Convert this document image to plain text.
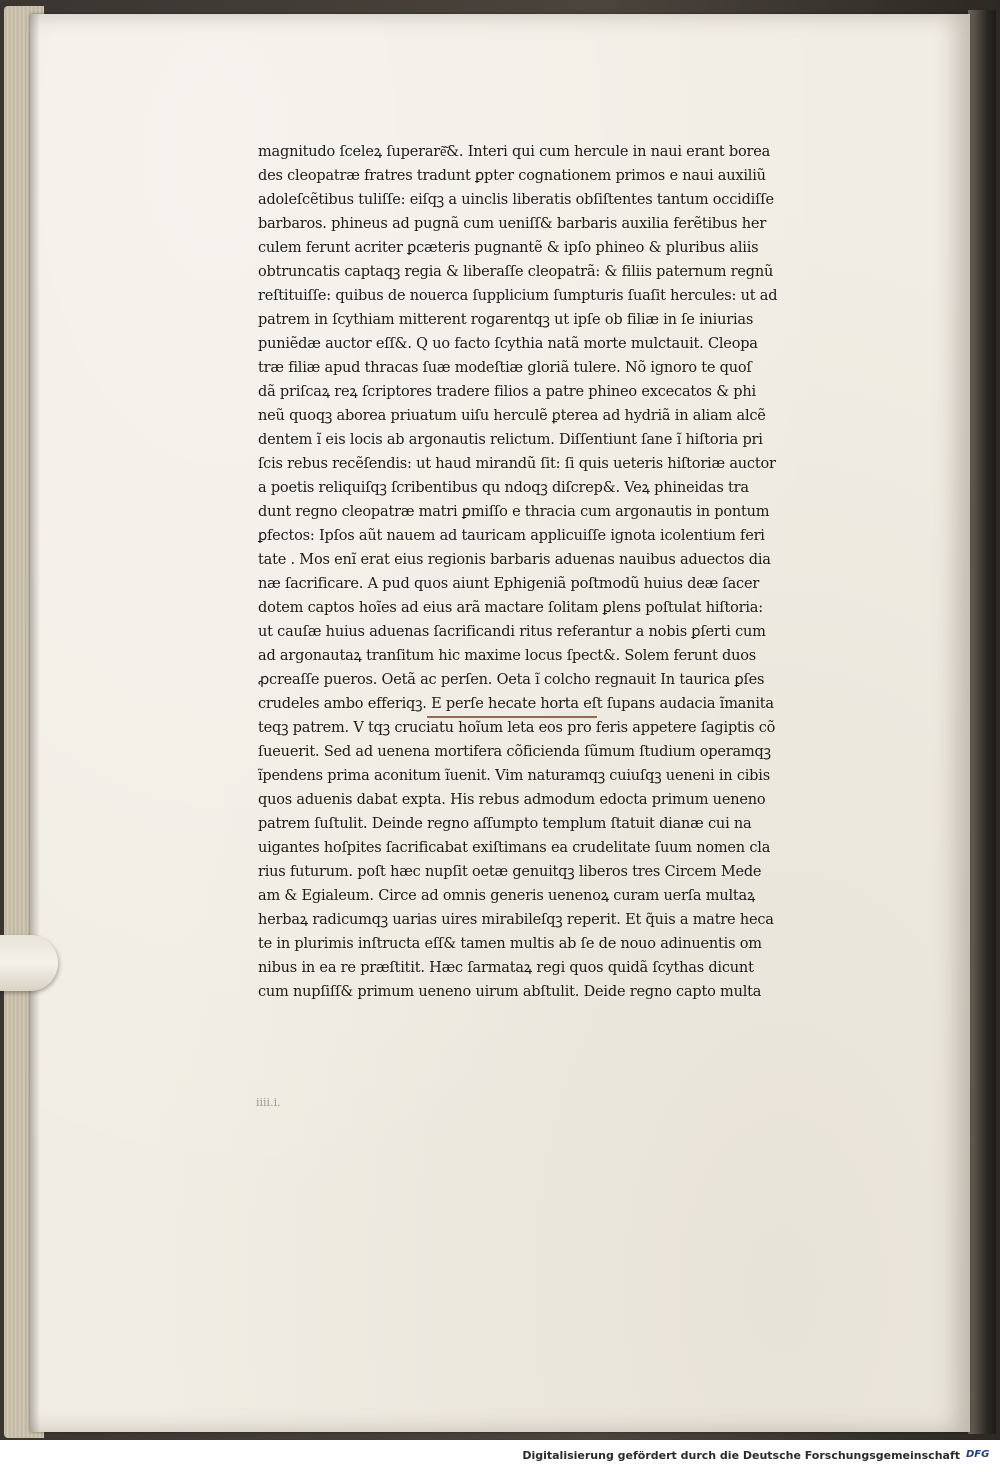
magnitudo ſceleꝝ ſuperarẽ͂&. Interi qui cum hercule in naui erant borea
des cleopatræ fratres tradunt ꝑpter cognationem primos e naui auxiliũ
adoleſcẽtibus tuliſſe: eiſqꝫ a uinclis liberatis obſiſtentes tantum occidiſſe
barbaros. phineus ad pugnã cum ueniſſ& barbaris auxilia ferẽtibus her
culem ferunt acriter ꝑcæteris pugnantẽ & ipſo phineo & pluribus aliis
obtruncatis captaqꝫ regia & liberaſſe cleopatrã: & filiis paternum regnũ
reſtituiſſe: quibus de nouerca ſupplicium ſumpturis ſuaſit hercules: ut ad
patrem in ſcythiam mitterent rogarentqꝫ ut ipſe ob filiæ in ſe iniurias
puniẽdæ auctor eſſ&. Q uo facto ſcythia natã morte mulctauit. Cleopa
træ filiæ apud thracas ſuæ modeſtiæ gloriã tulere. Nõ ignoro te quoſ
dã priſcaꝝ reꝝ ſcriptores tradere filios a patre phineo excecatos & phi
neũ quoqꝫ aborea priuatum uiſu herculẽ ꝑterea ad hydriã in aliam alcẽ
dentem ĩ eis locis ab argonautis relictum. Diſſentiunt ſane ĩ hiſtoria pri
ſcis rebus recẽſendis: ut haud mirandũ ſit: ſi quis ueteris hiſtoriæ auctor
a poetis reliquiſqꝫ ſcribentibus qu ndoqꝫ diſcrep&. Veꝝ phineidas tra
dunt regno cleopatræ matri ꝑmiſſo e thracia cum argonautis in pontum
ꝑfectos: Ipſos aũt nauem ad tauricam applicuiſſe ignota icolentium feri
tate . Mos enĩ erat eius regionis barbaris aduenas nauibus aduectos dia
næ ſacrificare. A pud quos aiunt Ephigeniã poſtmodũ huius deæ ſacer
dotem captos hoĩes ad eius arã mactare ſolitam ꝑlens poſtulat hiſtoria:
ut cauſæ huius aduenas ſacrificandi ritus referantur a nobis ꝑſerti cum
ad argonautaꝝ tranſitum hic maxime locus ſpect&. Solem ferunt duos
ꝓcreaſſe pueros. Oetã ac perſen. Oeta ĩ colcho regnauit In taurica ꝑſes
crudeles ambo efferiqꝫ. E perſe hecate horta eſt ſupans audacia ĩmanita
teqꝫ patrem. V tqꝫ cruciatu hoĩum leta eos pro feris appetere ſagiptis cõ
ſueuerit. Sed ad uenena mortifera cõficienda ſũmum ſtudium operamqꝫ
ĩpendens prima aconitum ĩuenit. Vim naturamqꝫ cuiuſqꝫ ueneni in cibis
quos aduenis dabat expta. His rebus admodum edocta primum ueneno
patrem ſuſtulit. Deinde regno aſſumpto templum ſtatuit dianæ cui na
uigantes hoſpites ſacrificabat exiſtimans ea crudelitate ſuum nomen cla
rius futurum. poſt hæc nupſit oetæ genuitqꝫ liberos tres Circem Mede
am & Egialeum. Circe ad omnis generis uenenoꝝ curam uerſa multaꝝ
herbaꝝ radicumqꝫ uarias uires mirabileſqꝫ reperit. Et q̃uis a matre heca
te in plurimis inſtructa eſſ& tamen multis ab ſe de nouo adinuentis om
nibus in ea re præſtitit. Hæc ſarmataꝝ regi quos quidã ſcythas dicunt
cum nupſiſſ& primum ueneno uirum abſtulit. Deide regno capto multa
iiii.i.
Digitalisierung gefördert durch die Deutsche Forschungsgemeinschaft DFG
